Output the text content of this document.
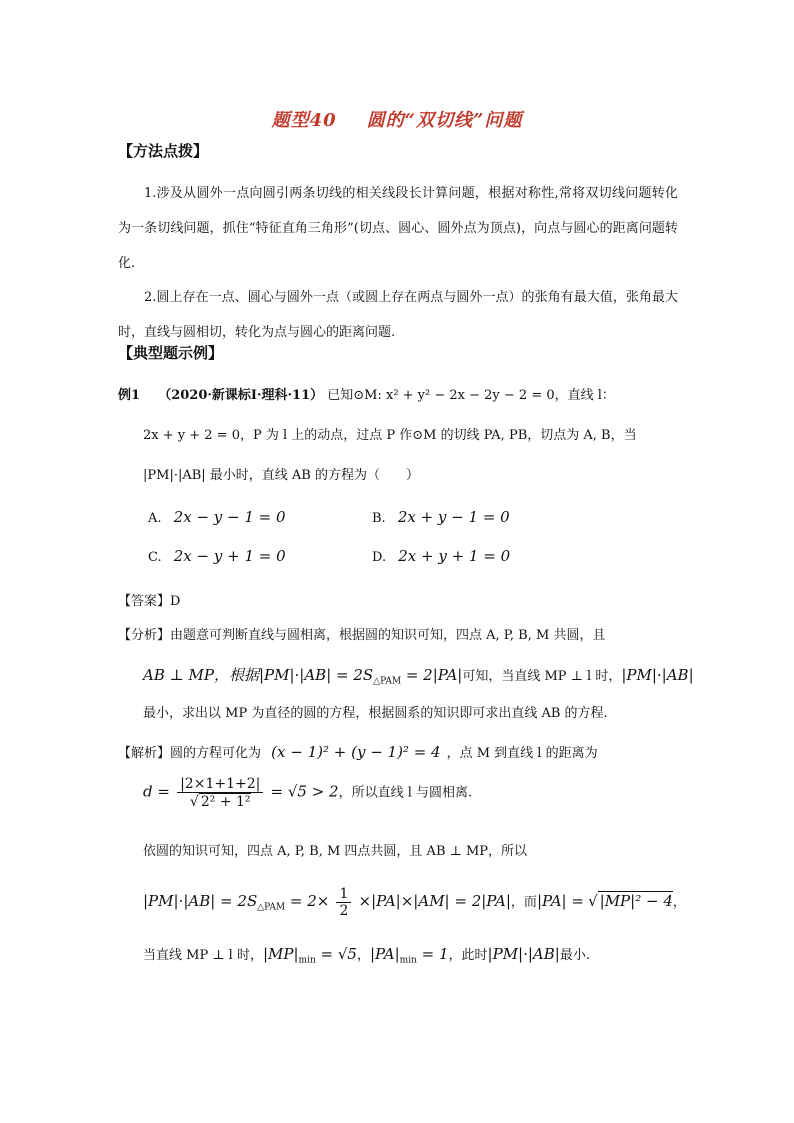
题型40 圆的“双切线”问题
【方法点拨】
1.涉及从圆外一点向圆引两条切线的相关线段长计算问题，根据对称性,常将双切线问题转化为一条切线问题，抓住“特征直角三角形”(切点、圆心、圆外点为顶点)，向点与圆心的距离问题转化.
2.圆上存在一点、圆心与圆外一点（或圆上存在两点与圆外一点）的张角有最大值，张角最大时，直线与圆相切，转化为点与圆心的距离问题.
【典型题示例】
例1 （2020·新课标Ⅰ·理科·11） 已知⊙M: x² + y² − 2x − 2y − 2 = 0，直线 l：
2x + y + 2 = 0，P 为 l 上的动点，过点 P 作⊙M 的切线 PA, PB，切点为 A, B，当
|PM|·|AB| 最小时，直线 AB 的方程为（　　）
A. 2x − y − 1 = 0	B. 2x + y − 1 = 0
C. 2x − y + 1 = 0	D. 2x + y + 1 = 0
【答案】D
【分析】由题意可判断直线与圆相离，根据圆的知识可知，四点 A, P, B, M 共圆，且
AB ⊥ MP，根据$|PM|\cdot|AB| = 2S_{\triangle PAM} = 2|PA|$可知，当直线 MP ⊥ l 时，|PM|·|AB|
最小，求出以 MP 为直径的圆的方程，根据圆系的知识即可求出直线 AB 的方程.
【解析】圆的方程可化为 (x − 1)² + (y − 1)² = 4 ，点 M 到直线 l 的距离为
$d = \frac{|2\times 1+1+2|}{\text{√ 2² + 1²}} = √5 > 2$，所以直线 l 与圆相离.
依圆的知识可知，四点 A, P, B, M 四点共圆，且 AB ⊥ MP，所以
$|PM|\cdot|AB| = 2S_{\triangle PAM} = 2\times \frac{1}{2} \times|PA|\times|AM| = 2|PA|$，而|PA| = √ |MP|² − 4，
当直线 MP ⊥ l 时，$|MP|_{min} = √5$，$|PA|_{min} = 1$，此时|PM|·|AB|最小.
